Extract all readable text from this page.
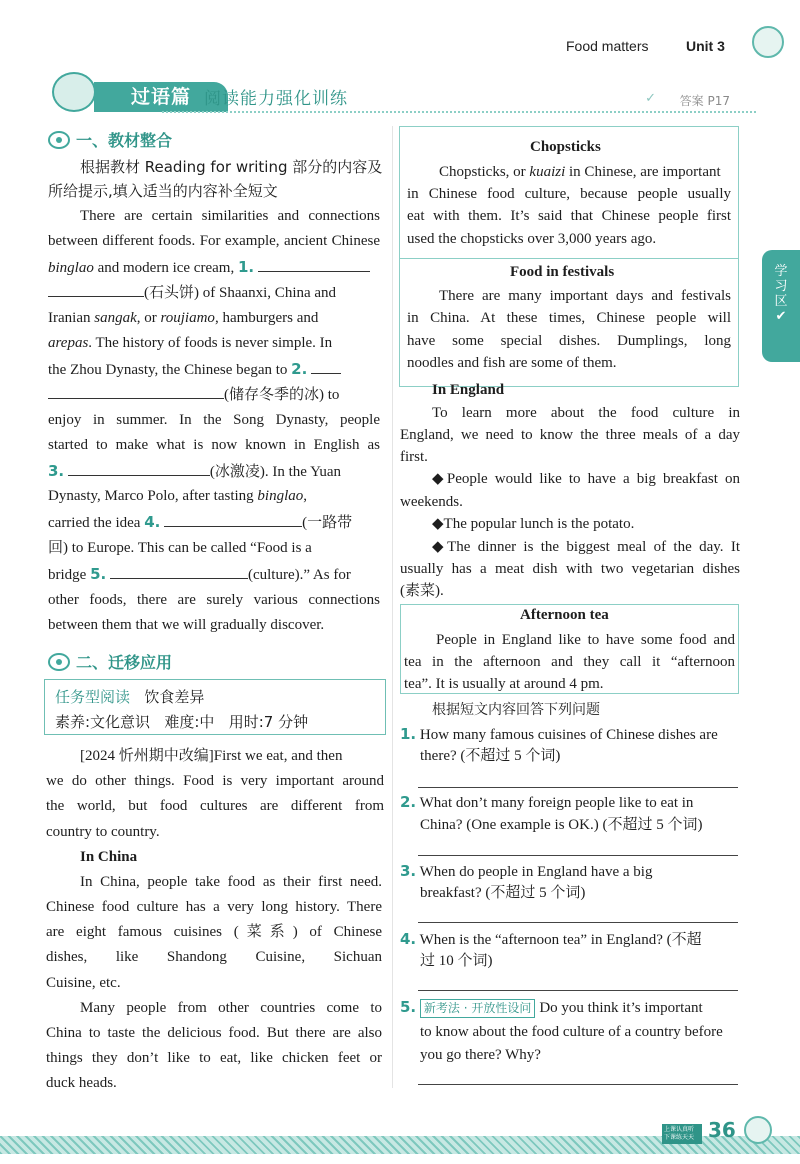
Food matters	Unit 3
过语篇 阅读能力强化训练	✓ 答案 P17
学
习
区
✔
一、教材整合
根据教材 Reading for writing 部分的内容及
所给提示,填入适当的内容补全短文
There are certain similarities and connections
between different foods. For example, ancient Chinese
binglao and modern ice cream, 1.
(石头饼) of Shaanxi, China and
Iranian sangak, or roujiamo, hamburgers and
arepas. The history of foods is never simple. In
the Zhou Dynasty, the Chinese began to 2.
(储存冬季的冰) to
enjoy in summer. In the Song Dynasty, people
started to make what is now known in English as
3.	(冰激凌). In the Yuan
Dynasty, Marco Polo, after tasting binglao,
carried the idea 4.	(一路带
回) to Europe. This can be called “Food is a
bridge 5.	(culture).” As for
other foods, there are surely various connections
between them that we will gradually discover.
二、迁移应用
任务型阅读 饮食差异
素养:文化意识 难度:中 用时:7 分钟
[2024 忻州期中改编]First we eat, and then
we do other things. Food is very important around
the world, but food cultures are different from
country to country.
In China
In China, people take food as their first need.
Chinese food culture has a very long history. There
are eight famous cuisines (菜系) of Chinese
dishes, like Shandong Cuisine, Sichuan
Cuisine, etc.
Many people from other countries come to
China to taste the delicious food. But there are also
things they don’t like to eat, like chicken feet or
duck heads.
Chopsticks
Chopsticks, or kuaizi in Chinese, are important
in Chinese food culture, because people usually
eat with them. It’s said that Chinese people first
used the chopsticks over 3,000 years ago.
Food in festivals
There are many important days and festivals
in China. At these times, Chinese people will
have some special dishes. Dumplings, long
noodles and fish are some of them.
In England
To learn more about the food culture in
England, we need to know the three meals of a day
first.
◆People would like to have a big breakfast on
weekends.
◆The popular lunch is the potato.
◆The dinner is the biggest meal of the day. It
usually has a meat dish with two vegetarian dishes
(素菜).
Afternoon tea
People in England like to have some food and
tea in the afternoon and they call it “afternoon
tea”. It is usually at around 4 pm.
根据短文内容回答下列问题
1. How many famous cuisines of Chinese dishes are
there? (不超过 5 个词)
2. What don’t many foreign people like to eat in
China? (One example is OK.) (不超过 5 个词)
3. When do people in England have a big
breakfast? (不超过 5 个词)
4. When is the “afternoon tea” in England? (不超
过 10 个词)
5. 新考法 · 开放性设问 Do you think it’s important
to know about the food culture of a country before
you go there? Why?
上课认真听 下课练天天 36
